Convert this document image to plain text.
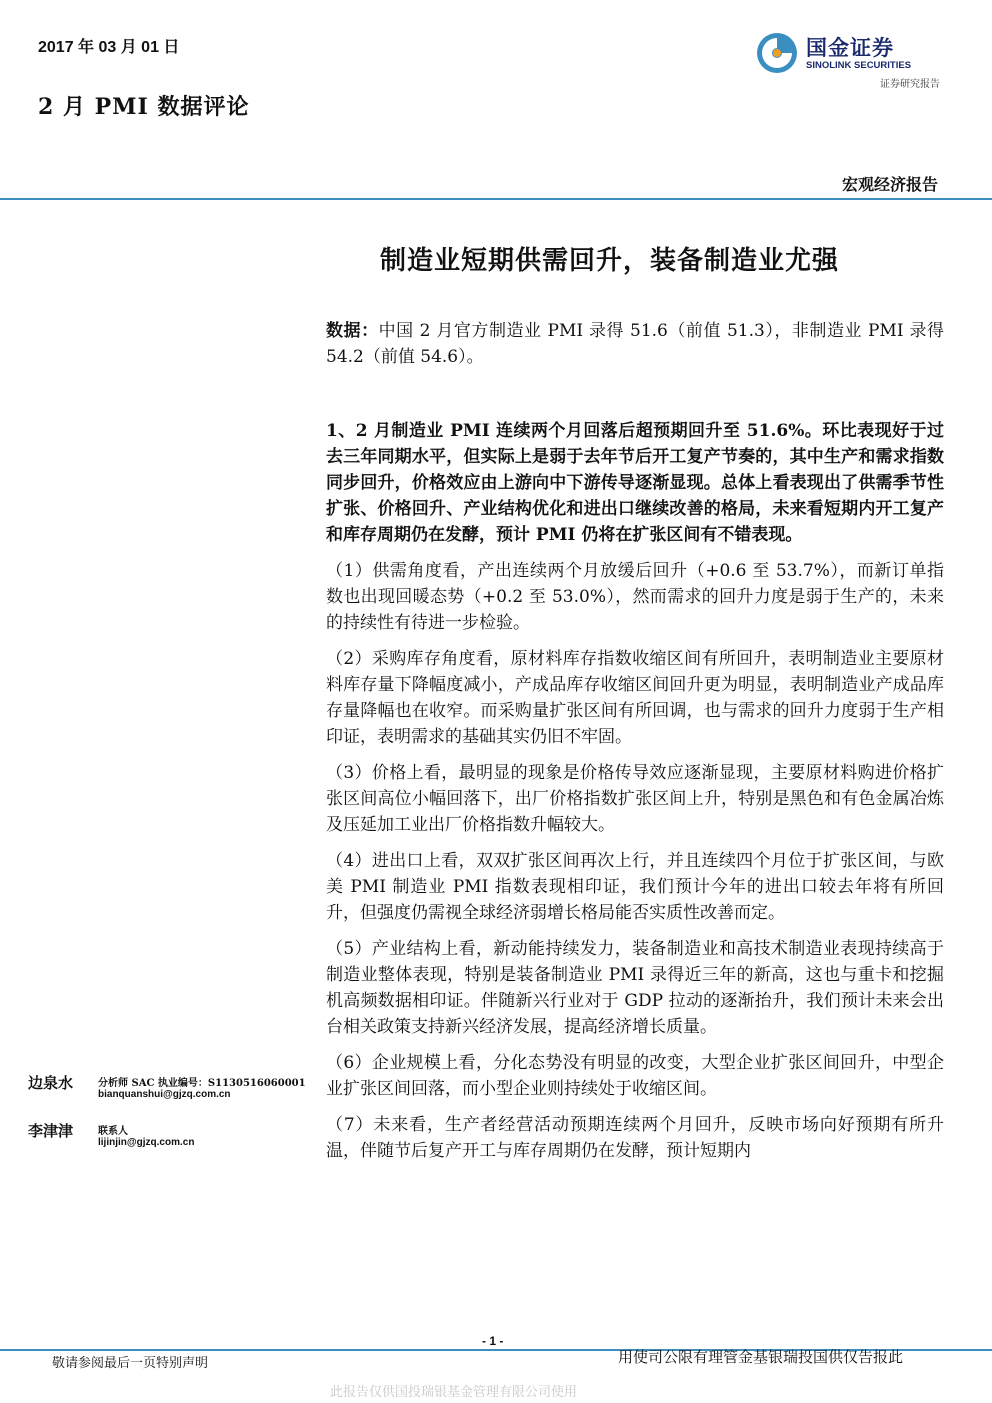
2017 年 03 月 01 日
2 月 PMI 数据评论
国金证券
SINOLINK SECURITIES
证券研究报告
宏观经济报告
制造业短期供需回升，装备制造业尤强

数据：中国 2 月官方制造业 PMI 录得 51.6（前值 51.3），非制造业 PMI 录得 54.2（前值 54.6）。

1、2 月制造业 PMI 连续两个月回落后超预期回升至 51.6%。环比表现好于过去三年同期水平，但实际上是弱于去年节后开工复产节奏的，其中生产和需求指数同步回升，价格效应由上游向中下游传导逐渐显现。总体上看表现出了供需季节性扩张、价格回升、产业结构优化和进出口继续改善的格局，未来看短期内开工复产和库存周期仍在发酵，预计 PMI 仍将在扩张区间有不错表现。

（1）供需角度看，产出连续两个月放缓后回升（+0.6 至 53.7%），而新订单指数也出现回暖态势（+0.2 至 53.0%），然而需求的回升力度是弱于生产的，未来的持续性有待进一步检验。

（2）采购库存角度看，原材料库存指数收缩区间有所回升，表明制造业主要原材料库存量下降幅度减小，产成品库存收缩区间回升更为明显，表明制造业产成品库存量降幅也在收窄。而采购量扩张区间有所回调，也与需求的回升力度弱于生产相印证，表明需求的基础其实仍旧不牢固。

（3）价格上看，最明显的现象是价格传导效应逐渐显现，主要原材料购进价格扩张区间高位小幅回落下，出厂价格指数扩张区间上升，特别是黑色和有色金属冶炼及压延加工业出厂价格指数升幅较大。

（4）进出口上看，双双扩张区间再次上行，并且连续四个月位于扩张区间，与欧美 PMI 制造业 PMI 指数表现相印证，我们预计今年的进出口较去年将有所回升，但强度仍需视全球经济弱增长格局能否实质性改善而定。

（5）产业结构上看，新动能持续发力，装备制造业和高技术制造业表现持续高于制造业整体表现，特别是装备制造业 PMI 录得近三年的新高，这也与重卡和挖掘机高频数据相印证。伴随新兴行业对于 GDP 拉动的逐渐抬升，我们预计未来会出台相关政策支持新兴经济发展，提高经济增长质量。

（6）企业规模上看，分化态势没有明显的改变，大型企业扩张区间回升，中型企业扩张区间回落，而小型企业则持续处于收缩区间。

（7）未来看，生产者经营活动预期连续两个月回升，反映市场向好预期有所升温，伴随节后复产开工与库存周期仍在发酵，预计短期内

边泉水 分析师 SAC 执业编号：S1130516060001
bianquanshui@gjzq.com.cn
李津津 联系人
lijinjin@gjzq.com.cn
- 1 -
敬请参阅最后一页特别声明	用使司公限有理管金基银瑞投国供仅告报此
此报告仅供国投瑞银基金管理有限公司使用
